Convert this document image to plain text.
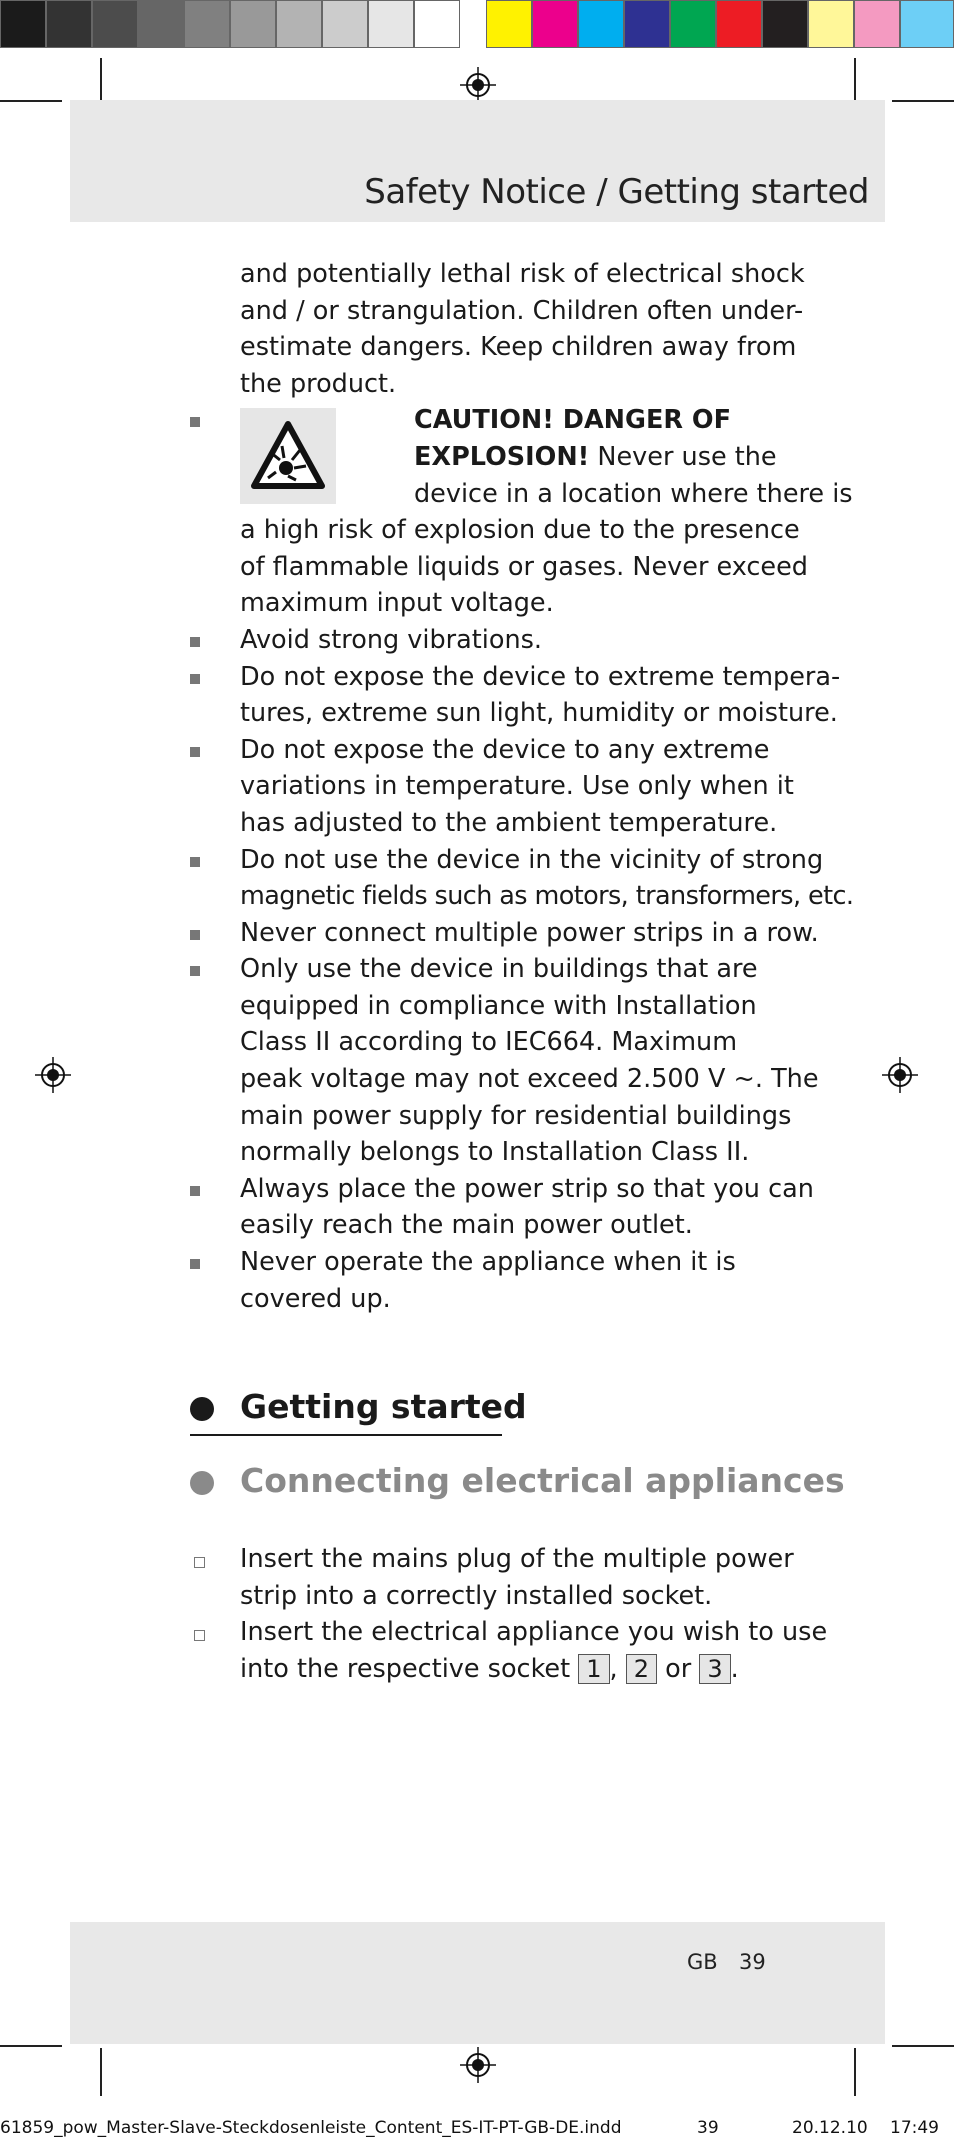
Safety Notice / Getting started
and potentially lethal risk of electrical shock
and / or strangulation. Children often under-
estimate dangers. Keep children away from
the product.
CAUTION! DANGER OF
EXPLOSION! Never use the
device in a location where there is
a high risk of explosion due to the presence
of flammable liquids or gases. Never exceed
maximum input voltage.
Avoid strong vibrations.
Do not expose the device to extreme tempera-
tures, extreme sun light, humidity or moisture.
Do not expose the device to any extreme
variations in temperature. Use only when it
has adjusted to the ambient temperature.
Do not use the device in the vicinity of strong
magnetic fields such as motors, transformers, etc.
Never connect multiple power strips in a row.
Only use the device in buildings that are
equipped in compliance with Installation
Class II according to IEC664. Maximum
peak voltage may not exceed 2.500 V ~. The
main power supply for residential buildings
normally belongs to Installation Class II.
Always place the power strip so that you can
easily reach the main power outlet.
Never operate the appliance when it is
covered up.
Getting started
Connecting electrical appliances
Insert the mains plug of the multiple power
strip into a correctly installed socket.
Insert the electrical appliance you wish to use
into the respective socket 1 , 2 or 3 .
GB 39
61859_pow_Master-Slave-Steckdosenleiste_Content_ES-IT-PT-GB-DE.indd	39	20.12.10 17:49
